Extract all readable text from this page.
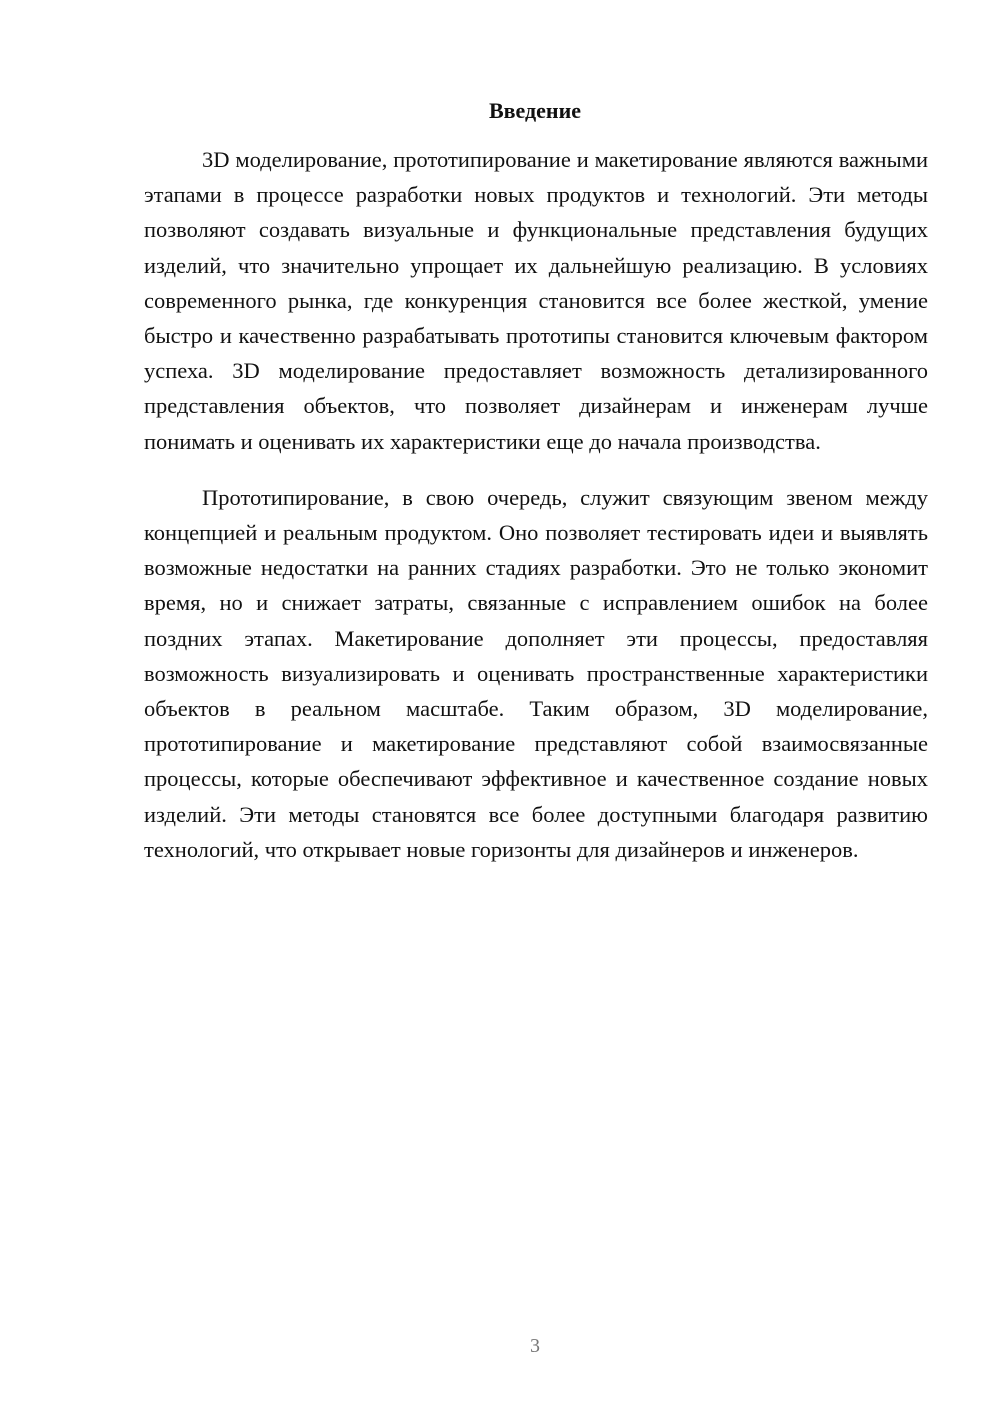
Введение

3D моделирование, прототипирование и макетирование являются важными этапами в процессе разработки новых продуктов и технологий. Эти методы позволяют создавать визуальные и функциональные представления будущих изделий, что значительно упрощает их дальнейшую реализацию. В условиях современного рынка, где конкуренция становится все более жесткой, умение быстро и качественно разрабатывать прототипы становится ключевым фактором успеха. 3D моделирование предоставляет возможность детализированного представления объектов, что позволяет дизайнерам и инженерам лучше понимать и оценивать их характеристики еще до начала производства.

Прототипирование, в свою очередь, служит связующим звеном между концепцией и реальным продуктом. Оно позволяет тестировать идеи и выявлять возможные недостатки на ранних стадиях разработки. Это не только экономит время, но и снижает затраты, связанные с исправлением ошибок на более поздних этапах. Макетирование дополняет эти процессы, предоставляя возможность визуализировать и оценивать пространственные характеристики объектов в реальном масштабе. Таким образом, 3D моделирование, прототипирование и макетирование представляют собой взаимосвязанные процессы, которые обеспечивают эффективное и качественное создание новых изделий. Эти методы становятся все более доступными благодаря развитию технологий, что открывает новые горизонты для дизайнеров и инженеров.

3
